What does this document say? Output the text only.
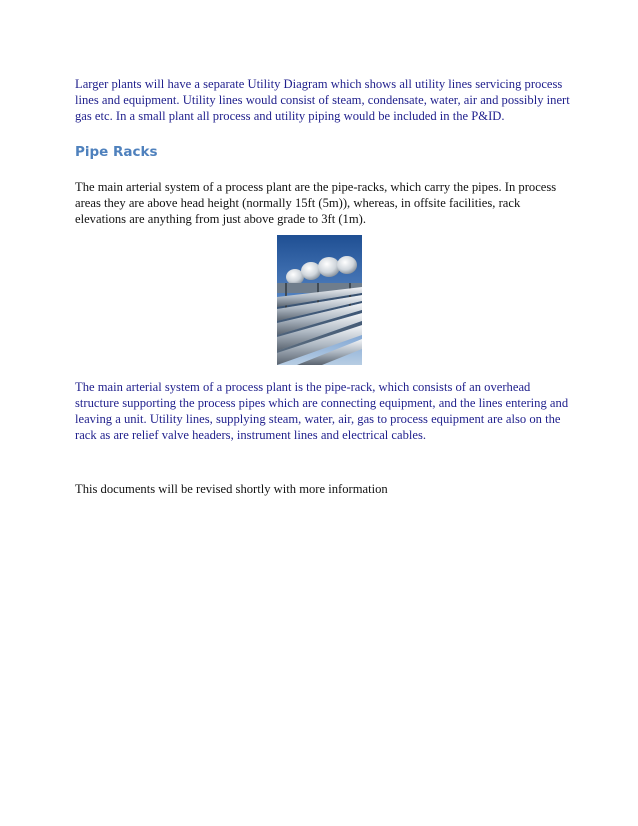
Larger plants will have a separate Utility Diagram which shows all utility lines servicing process lines and equipment. Utility lines would consist of steam, condensate, water, air and possibly inert gas etc. In a small plant all process and utility piping would be included in the P&ID.

Pipe Racks

The main arterial system of a process plant are the pipe-racks, which carry the pipes. In process areas they are above head height (normally 15ft (5m)), whereas, in offsite facilities, rack elevations are anything from just above grade to 3ft (1m).

The main arterial system of a process plant is the pipe-rack, which consists of an overhead structure supporting the process pipes which are connecting equipment, and the lines entering and leaving a unit. Utility lines, supplying steam, water, air, gas to process equipment are also on the rack as are relief valve headers, instrument lines and electrical cables.

This documents will be revised shortly with more information
